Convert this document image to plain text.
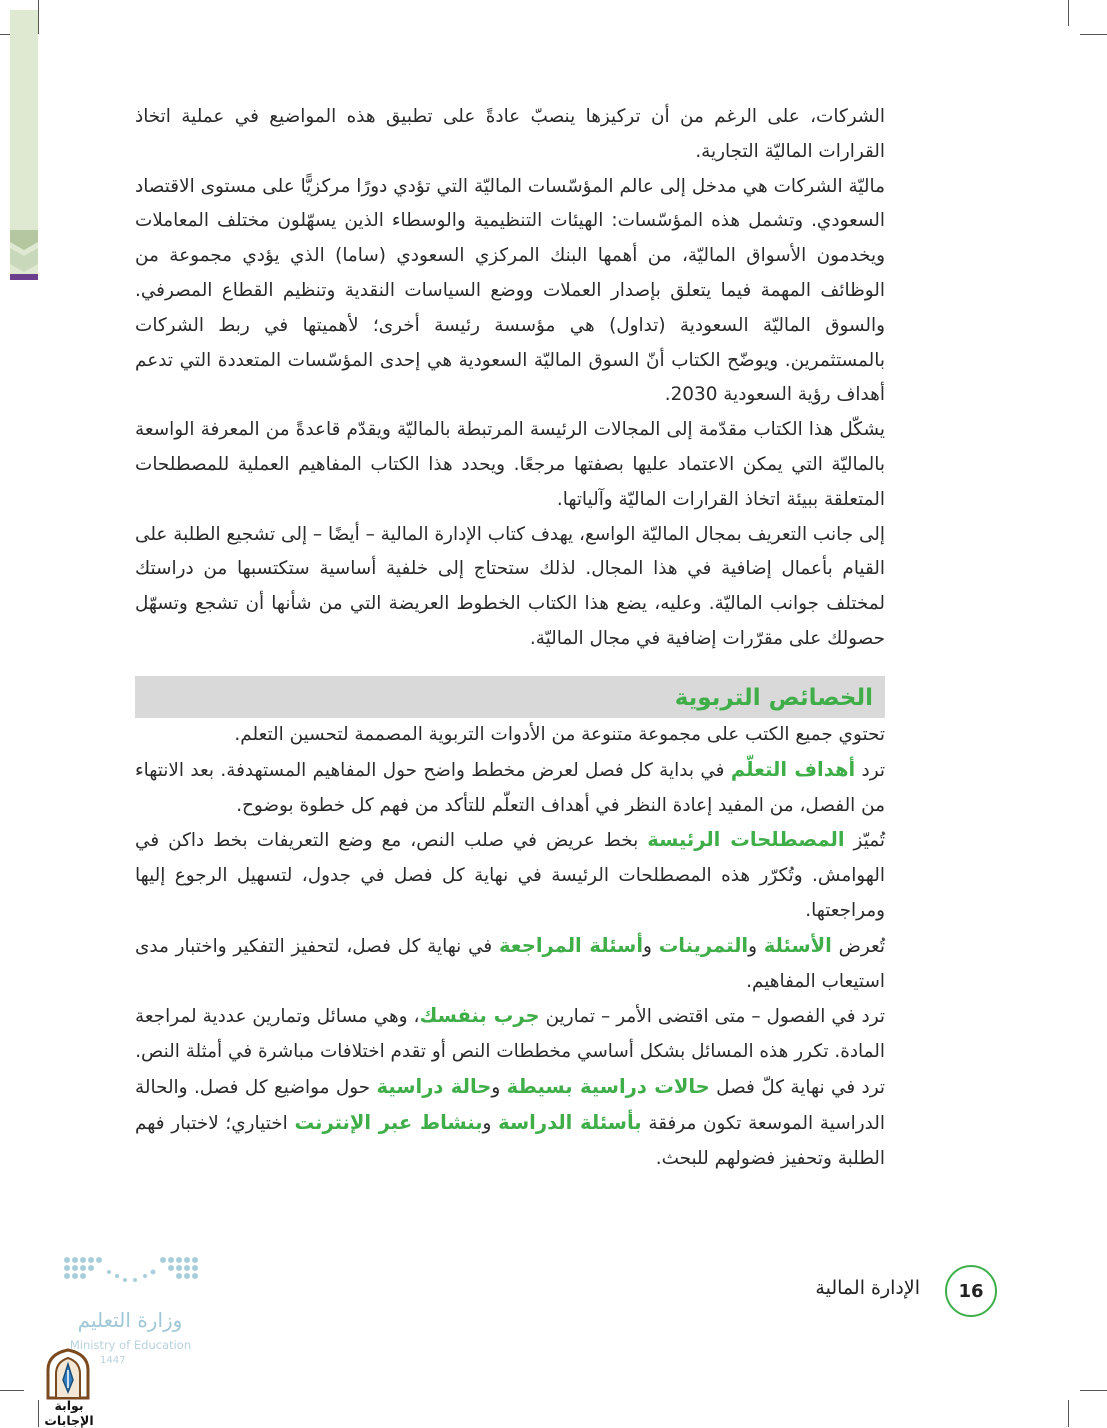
الشركات، على الرغم من أن تركيزها ينصبّ عادةً على تطبيق هذه المواضيع في عملية اتخاذ القرارات الماليّة التجارية.

ماليّة الشركات هي مدخل إلى عالم المؤسّسات الماليّة التي تؤدي دورًا مركزيًّا على مستوى الاقتصاد السعودي. وتشمل هذه المؤسّسات: الهيئات التنظيمية والوسطاء الذين يسهّلون مختلف المعاملات ويخدمون الأسواق الماليّة، من أهمها البنك المركزي السعودي (ساما) الذي يؤدي مجموعة من الوظائف المهمة فيما يتعلق بإصدار العملات ووضع السياسات النقدية وتنظيم القطاع المصرفي. والسوق الماليّة السعودية (تداول) هي مؤسسة رئيسة أخرى؛ لأهميتها في ربط الشركات بالمستثمرين. ويوضّح الكتاب أنّ السوق الماليّة السعودية هي إحدى المؤسّسات المتعددة التي تدعم أهداف رؤية السعودية 2030.

يشكّل هذا الكتاب مقدّمة إلى المجالات الرئيسة المرتبطة بالماليّة ويقدّم قاعدةً من المعرفة الواسعة بالماليّة التي يمكن الاعتماد عليها بصفتها مرجعًا. ويحدد هذا الكتاب المفاهيم العملية للمصطلحات المتعلقة ببيئة اتخاذ القرارات الماليّة وآلياتها.

إلى جانب التعريف بمجال الماليّة الواسع، يهدف كتاب الإدارة المالية – أيضًا – إلى تشجيع الطلبة على القيام بأعمال إضافية في هذا المجال. لذلك ستحتاج إلى خلفية أساسية ستكتسبها من دراستك لمختلف جوانب الماليّة. وعليه، يضع هذا الكتاب الخطوط العريضة التي من شأنها أن تشجع وتسهّل حصولك على مقرّرات إضافية في مجال الماليّة.

الخصائص التربوية

تحتوي جميع الكتب على مجموعة متنوعة من الأدوات التربوية المصممة لتحسين التعلم.

ترد أهداف التعلّم في بداية كل فصل لعرض مخطط واضح حول المفاهيم المستهدفة. بعد الانتهاء من الفصل، من المفيد إعادة النظر في أهداف التعلّم للتأكد من فهم كل خطوة بوضوح.

تُميّز المصطلحات الرئيسة بخط عريض في صلب النص، مع وضع التعريفات بخط داكن في الهوامش. وتُكرّر هذه المصطلحات الرئيسة في نهاية كل فصل في جدول، لتسهيل الرجوع إليها ومراجعتها.

تُعرض الأسئلة والتمرينات وأسئلة المراجعة في نهاية كل فصل، لتحفيز التفكير واختبار مدى استيعاب المفاهيم.

ترد في الفصول – متى اقتضى الأمر – تمارين جرب بنفسك، وهي مسائل وتمارين عددية لمراجعة المادة. تكرر هذه المسائل بشكل أساسي مخططات النص أو تقدم اختلافات مباشرة في أمثلة النص.

ترد في نهاية كلّ فصل حالات دراسية بسيطة وحالة دراسية حول مواضيع كل فصل. والحالة الدراسية الموسعة تكون مرفقة بأسئلة الدراسة وبنشاط عبر الإنترنت اختياري؛ لاختبار فهم الطلبة وتحفيز فضولهم للبحث.

الإدارة المالية	16
وزارة التعليم
Ministry of Education
1447
بوابة الإجابات
